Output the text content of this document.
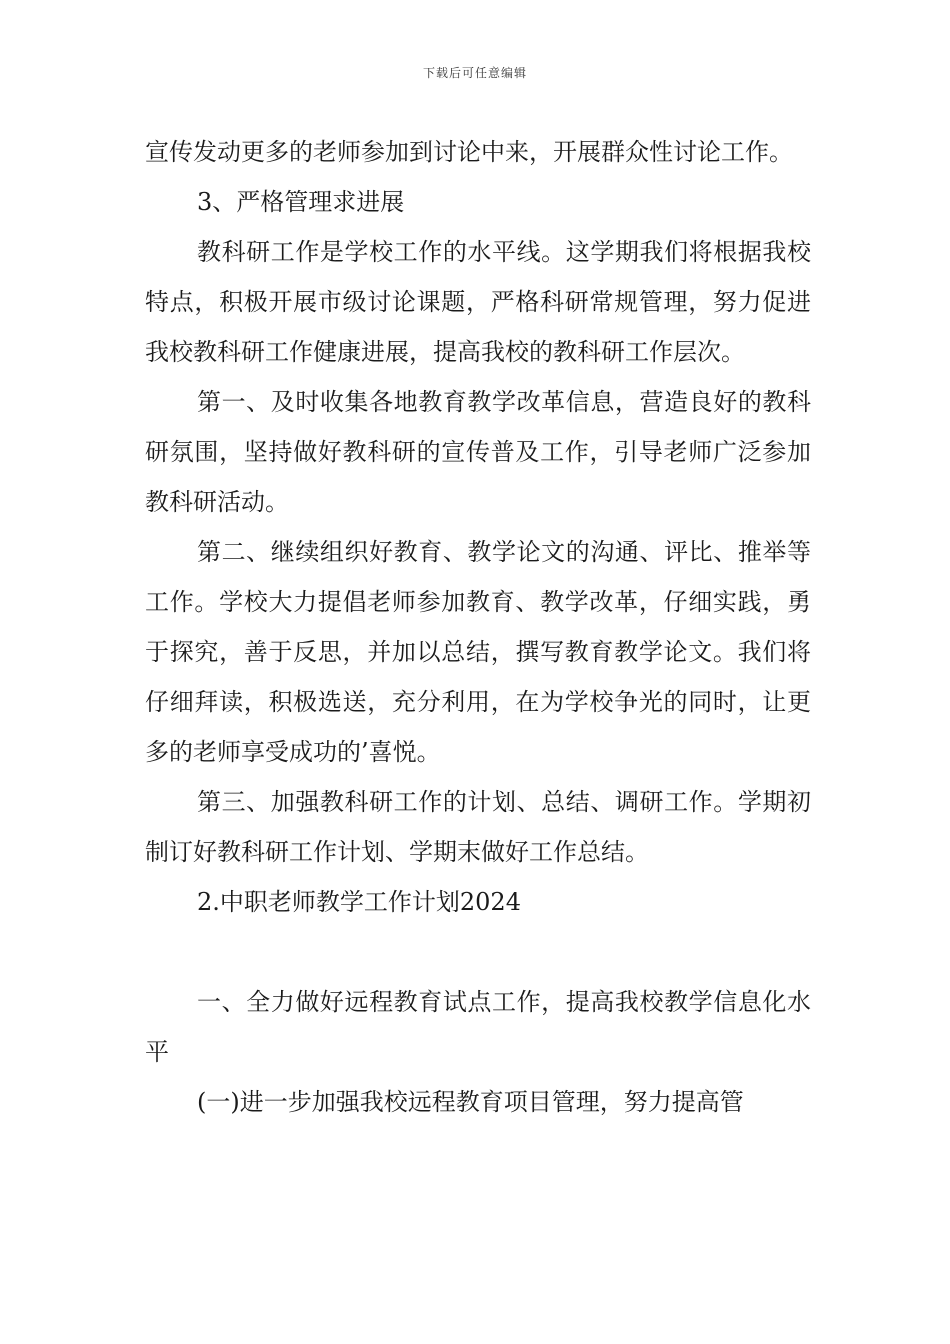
下载后可任意编辑

宣传发动更多的老师参加到讨论中来，开展群众性讨论工作。

3、严格管理求进展

教科研工作是学校工作的水平线。这学期我们将根据我校特点，积极开展市级讨论课题，严格科研常规管理，努力促进我校教科研工作健康进展，提高我校的教科研工作层次。

第一、及时收集各地教育教学改革信息，营造良好的教科研氛围，坚持做好教科研的宣传普及工作，引导老师广泛参加教科研活动。

第二、继续组织好教育、教学论文的沟通、评比、推举等工作。学校大力提倡老师参加教育、教学改革，仔细实践，勇于探究，善于反思，并加以总结，撰写教育教学论文。我们将仔细拜读，积极选送，充分利用，在为学校争光的同时，让更多的老师享受成功的’喜悦。

第三、加强教科研工作的计划、总结、调研工作。学期初制订好教科研工作计划、学期末做好工作总结。

2.中职老师教学工作计划2024

一、全力做好远程教育试点工作，提高我校教学信息化水平

(一)进一步加强我校远程教育项目管理，努力提高管
